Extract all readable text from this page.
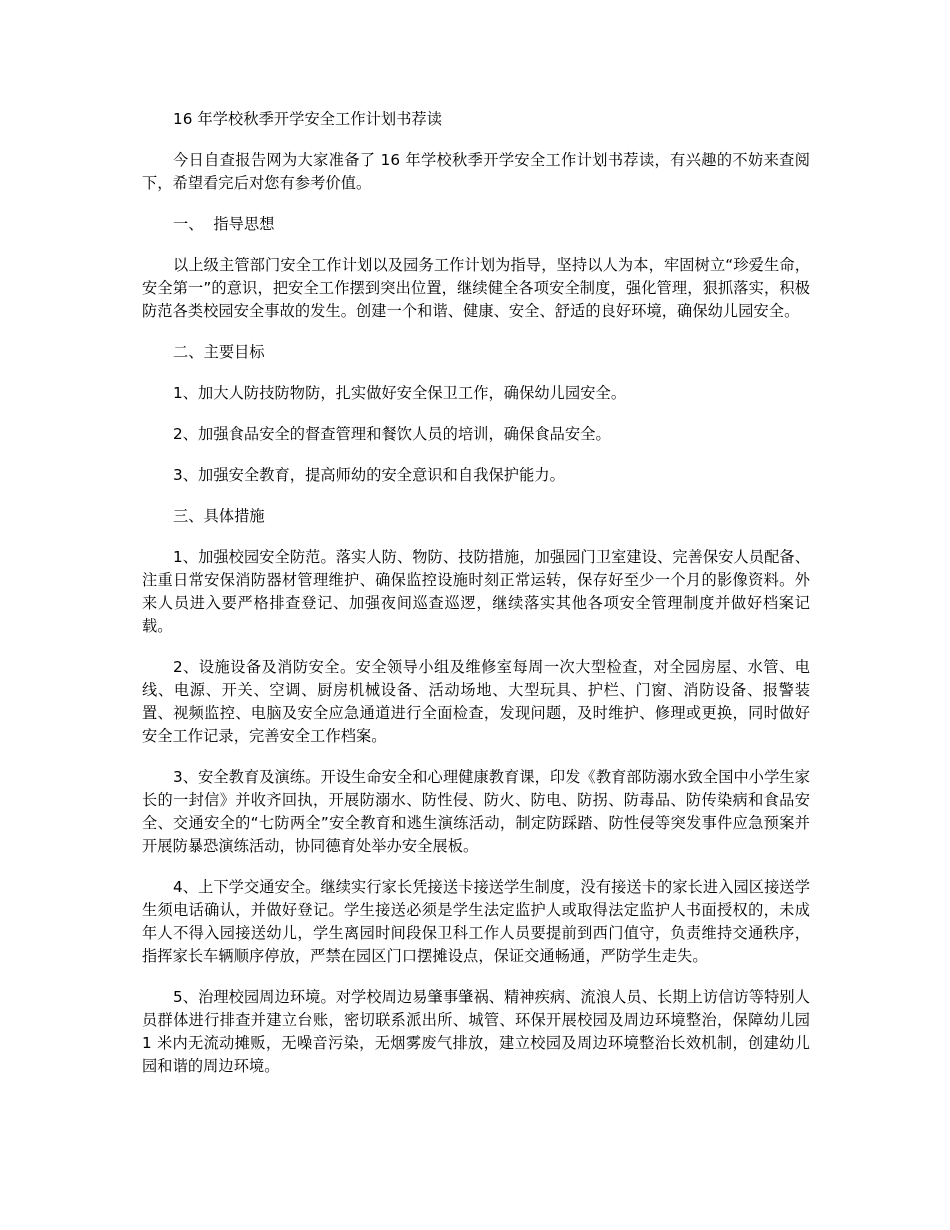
16 年学校秋季开学安全工作计划书荐读

今日自查报告网为大家准备了 16 年学校秋季开学安全工作计划书荐读，有兴趣的不妨来查阅下，希望看完后对您有参考价值。

一、  指导思想

以上级主管部门安全工作计划以及园务工作计划为指导，坚持以人为本，牢固树立“珍爱生命，安全第一”的意识，把安全工作摆到突出位置，继续健全各项安全制度，强化管理，狠抓落实，积极防范各类校园安全事故的发生。创建一个和谐、健康、安全、舒适的良好环境，确保幼儿园安全。

二、主要目标

1、加大人防技防物防，扎实做好安全保卫工作，确保幼儿园安全。

2、加强食品安全的督查管理和餐饮人员的培训，确保食品安全。

3、加强安全教育，提高师幼的安全意识和自我保护能力。

三、具体措施

1、加强校园安全防范。落实人防、物防、技防措施，加强园门卫室建设、完善保安人员配备、注重日常安保消防器材管理维护、确保监控设施时刻正常运转，保存好至少一个月的影像资料。外来人员进入要严格排查登记、加强夜间巡查巡逻，继续落实其他各项安全管理制度并做好档案记载。

2、设施设备及消防安全。安全领导小组及维修室每周一次大型检查，对全园房屋、水管、电线、电源、开关、空调、厨房机械设备、活动场地、大型玩具、护栏、门窗、消防设备、报警装置、视频监控、电脑及安全应急通道进行全面检查，发现问题，及时维护、修理或更换，同时做好安全工作记录，完善安全工作档案。

3、安全教育及演练。开设生命安全和心理健康教育课，印发《教育部防溺水致全国中小学生家长的一封信》并收齐回执，开展防溺水、防性侵、防火、防电、防拐、防毒品、防传染病和食品安全、交通安全的“七防两全”安全教育和逃生演练活动，制定防踩踏、防性侵等突发事件应急预案并开展防暴恐演练活动，协同德育处举办安全展板。

4、上下学交通安全。继续实行家长凭接送卡接送学生制度，没有接送卡的家长进入园区接送学生须电话确认，并做好登记。学生接送必须是学生法定监护人或取得法定监护人书面授权的，未成年人不得入园接送幼儿，学生离园时间段保卫科工作人员要提前到西门值守，负责维持交通秩序，指挥家长车辆顺序停放，严禁在园区门口摆摊设点，保证交通畅通，严防学生走失。

5、治理校园周边环境。对学校周边易肇事肇祸、精神疾病、流浪人员、长期上访信访等特别人员群体进行排查并建立台账，密切联系派出所、城管、环保开展校园及周边环境整治，保障幼儿园 1 米内无流动摊贩，无噪音污染，无烟雾废气排放，建立校园及周边环境整治长效机制，创建幼儿园和谐的周边环境。
